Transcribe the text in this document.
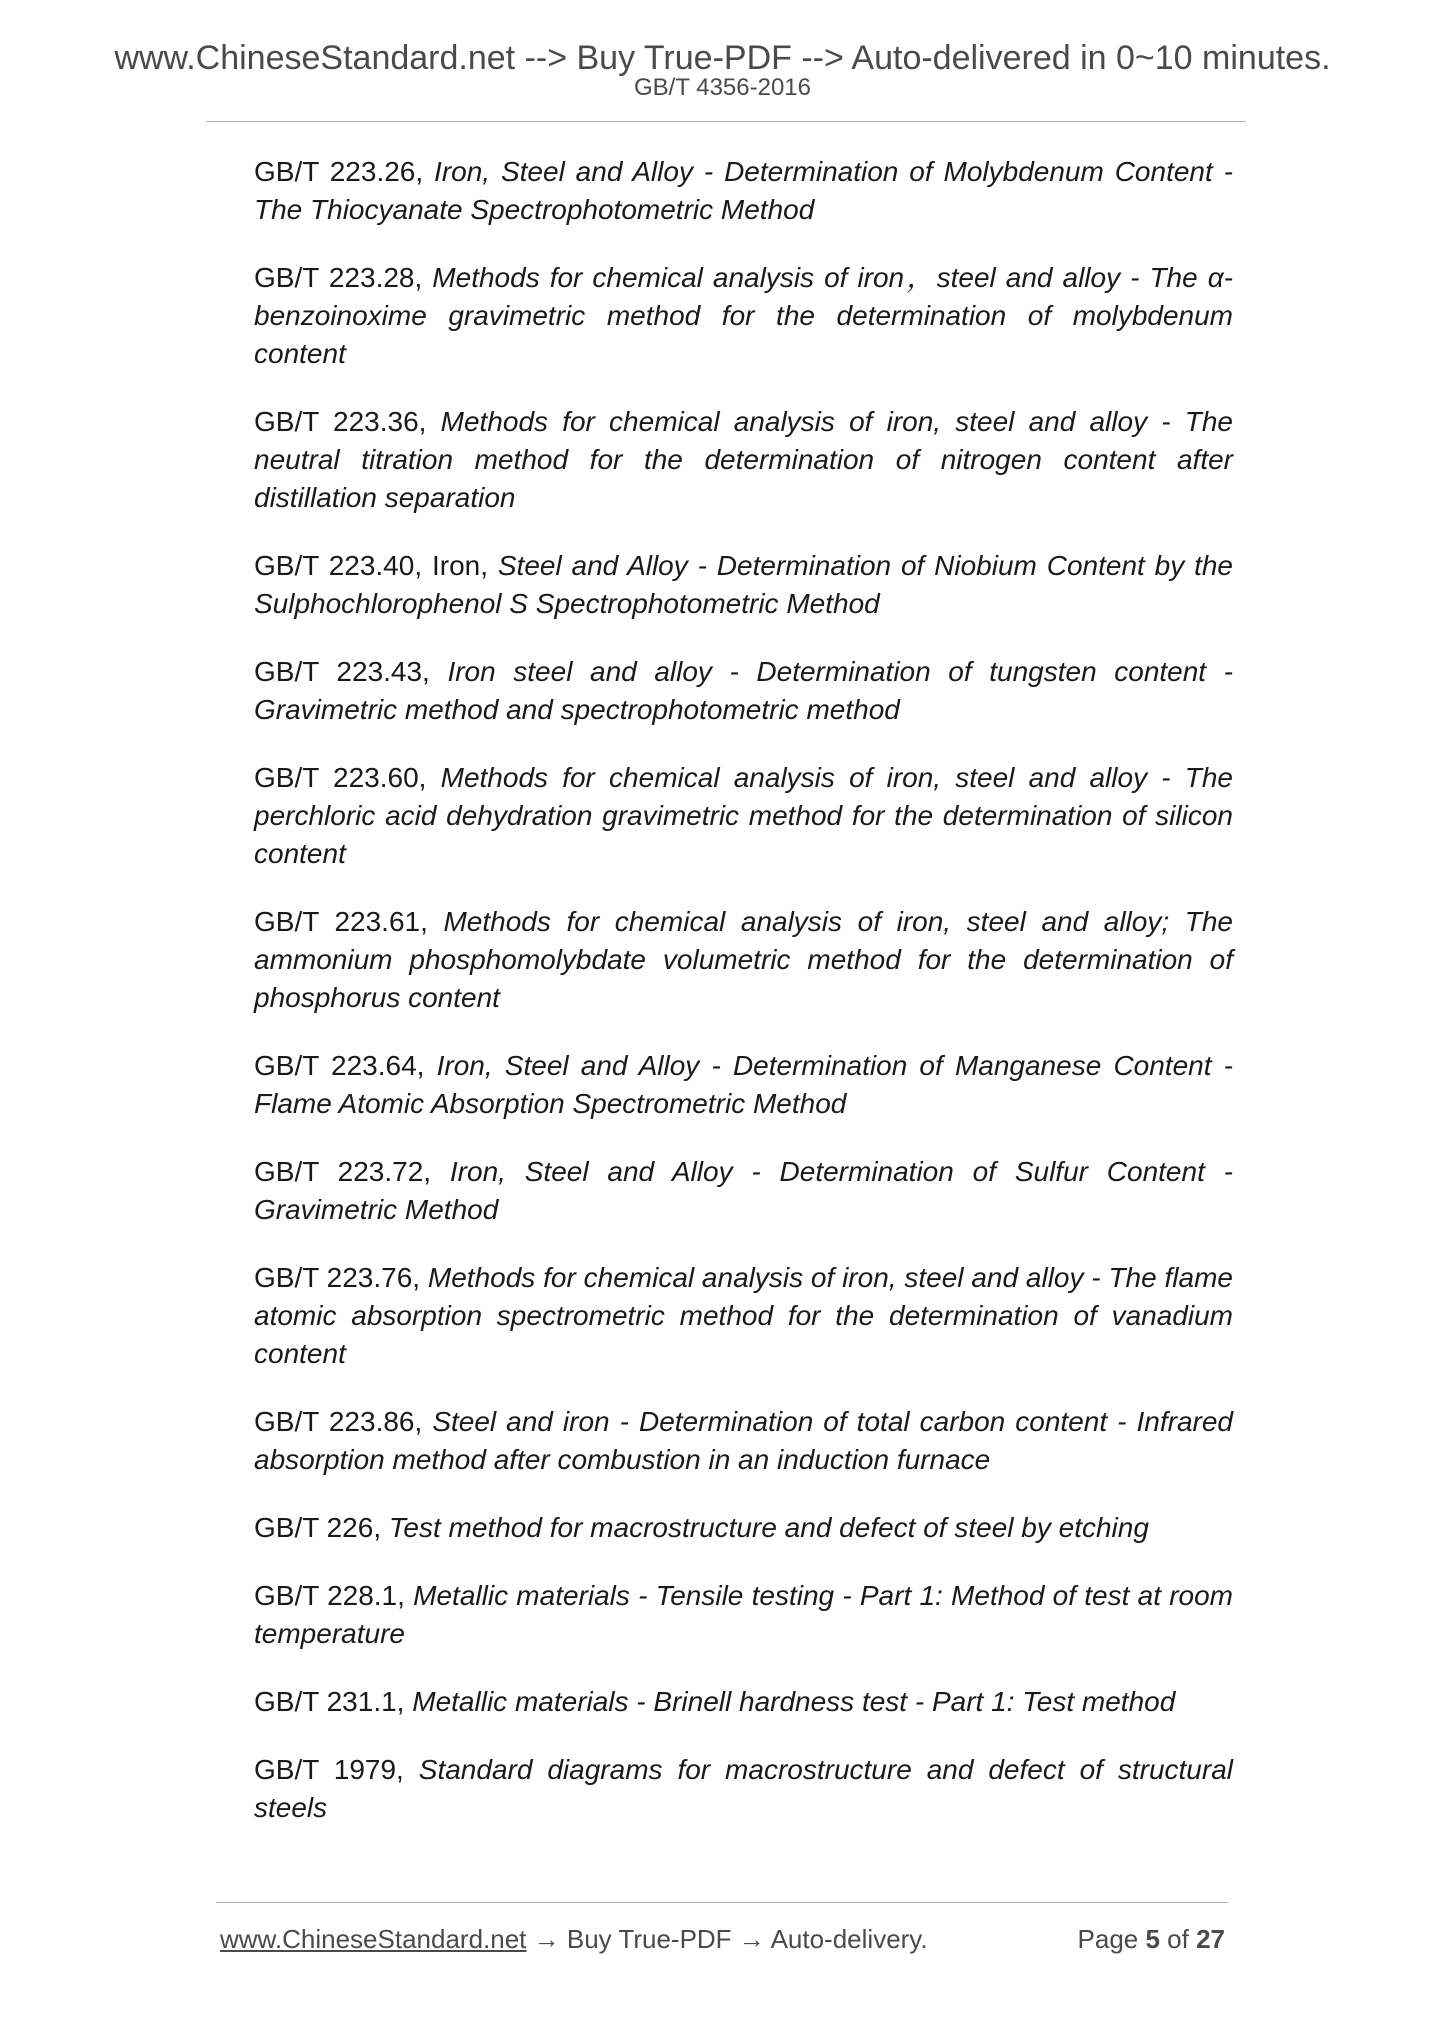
www.ChineseStandard.net --> Buy True-PDF --> Auto-delivered in 0~10 minutes.
GB/T 4356-2016
GB/T 223.26, Iron, Steel and Alloy - Determination of Molybdenum Content - The Thiocyanate Spectrophotometric Method
GB/T 223.28, Methods for chemical analysis of iron，steel and alloy - The α-benzoinoxime gravimetric method for the determination of molybdenum content
GB/T 223.36, Methods for chemical analysis of iron, steel and alloy - The neutral titration method for the determination of nitrogen content after distillation separation
GB/T 223.40, Iron, Steel and Alloy - Determination of Niobium Content by the Sulphochlorophenol S Spectrophotometric Method
GB/T 223.43, Iron steel and alloy - Determination of tungsten content - Gravimetric method and spectrophotometric method
GB/T 223.60, Methods for chemical analysis of iron, steel and alloy - The perchloric acid dehydration gravimetric method for the determination of silicon content
GB/T 223.61, Methods for chemical analysis of iron, steel and alloy; The ammonium phosphomolybdate volumetric method for the determination of phosphorus content
GB/T 223.64, Iron, Steel and Alloy - Determination of Manganese Content - Flame Atomic Absorption Spectrometric Method
GB/T 223.72, Iron, Steel and Alloy - Determination of Sulfur Content - Gravimetric Method
GB/T 223.76, Methods for chemical analysis of iron, steel and alloy - The flame atomic absorption spectrometric method for the determination of vanadium content
GB/T 223.86, Steel and iron - Determination of total carbon content - Infrared absorption method after combustion in an induction furnace
GB/T 226, Test method for macrostructure and defect of steel by etching
GB/T 228.1, Metallic materials - Tensile testing - Part 1: Method of test at room temperature
GB/T 231.1, Metallic materials - Brinell hardness test - Part 1: Test method
GB/T 1979, Standard diagrams for macrostructure and defect of structural steels
www.ChineseStandard.net → Buy True-PDF → Auto-delivery.	Page 5 of 27
